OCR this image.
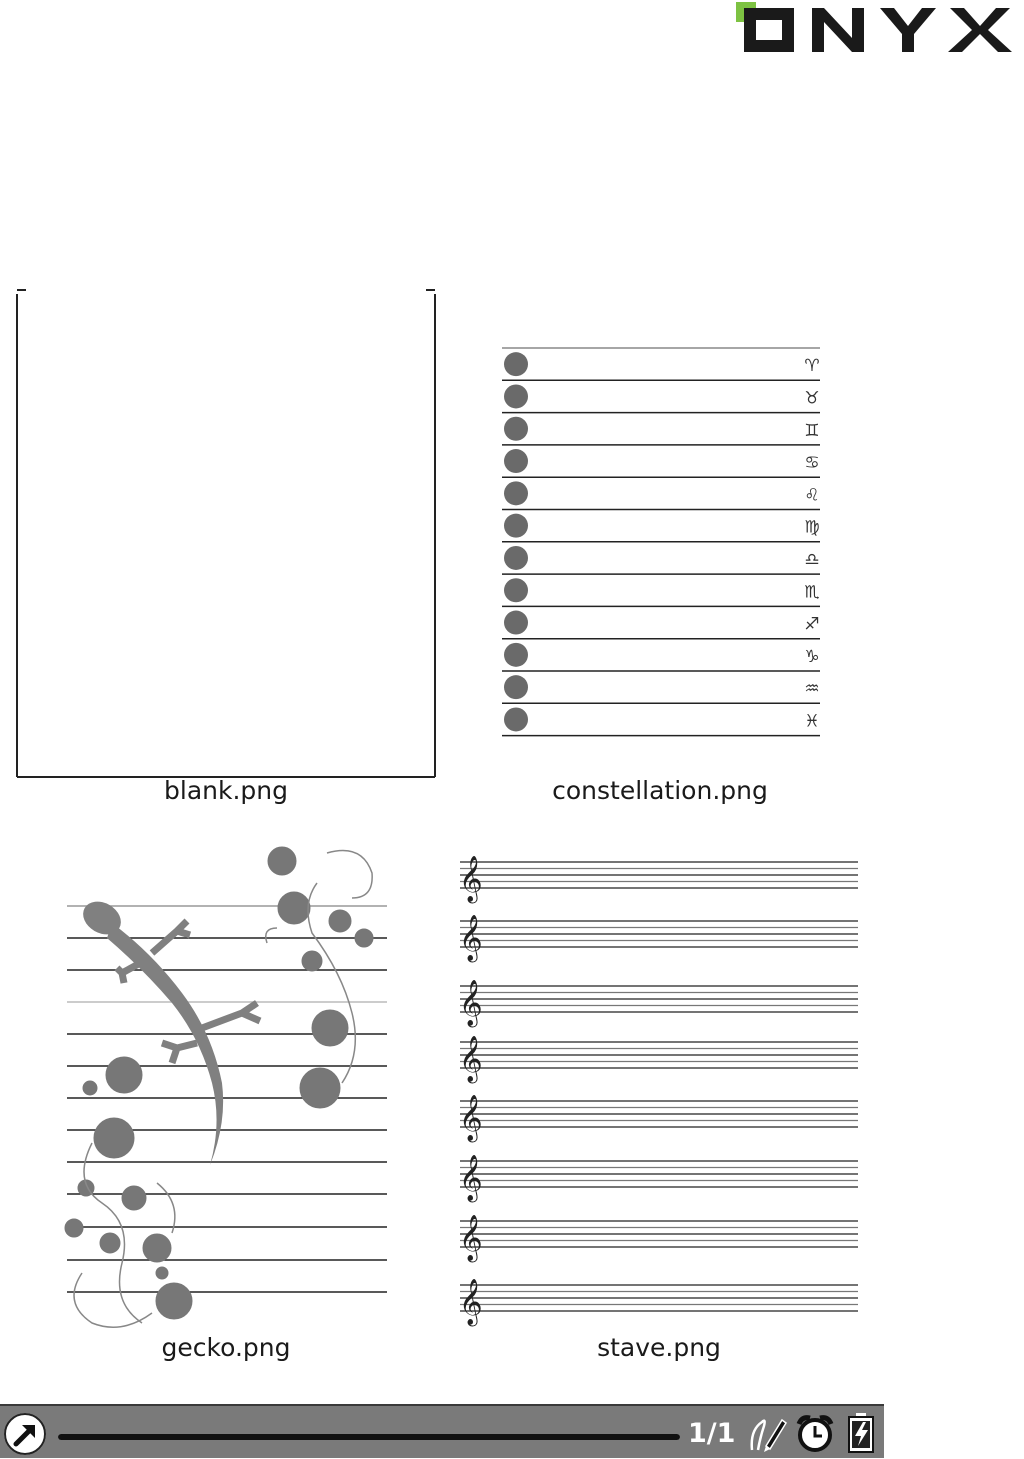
blank.png
♈
♉
♊
♋
♌
♍
♎
♏
♐
♑
♒
♓
constellation.png
gecko.png
𝄞
𝄞
𝄞
𝄞
𝄞
𝄞
𝄞
𝄞
stave.png
1/1
